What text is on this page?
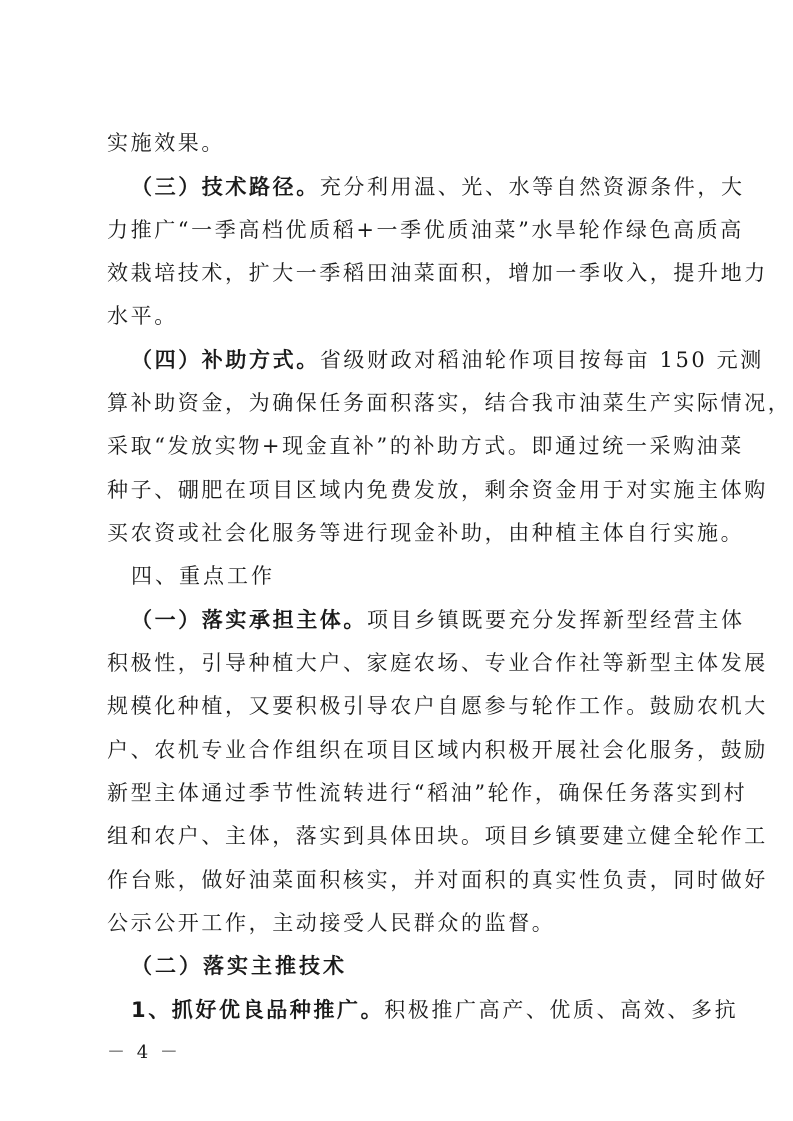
实施效果。
（三）技术路径。充分利用温、光、水等自然资源条件，大
力推广“一季高档优质稻+一季优质油菜”水旱轮作绿色高质高
效栽培技术，扩大一季稻田油菜面积，增加一季收入，提升地力
水平。
（四）补助方式。省级财政对稻油轮作项目按每亩 150 元测
算补助资金，为确保任务面积落实，结合我市油菜生产实际情况，
采取“发放实物+现金直补”的补助方式。即通过统一采购油菜
种子、硼肥在项目区域内免费发放，剩余资金用于对实施主体购
买农资或社会化服务等进行现金补助，由种植主体自行实施。
四、重点工作
（一）落实承担主体。项目乡镇既要充分发挥新型经营主体
积极性，引导种植大户、家庭农场、专业合作社等新型主体发展
规模化种植，又要积极引导农户自愿参与轮作工作。鼓励农机大
户、农机专业合作组织在项目区域内积极开展社会化服务，鼓励
新型主体通过季节性流转进行“稻油”轮作，确保任务落实到村
组和农户、主体，落实到具体田块。项目乡镇要建立健全轮作工
作台账，做好油菜面积核实，并对面积的真实性负责，同时做好
公示公开工作，主动接受人民群众的监督。
（二）落实主推技术
1、抓好优良品种推广。积极推广高产、优质、高效、多抗
－ 4 －
